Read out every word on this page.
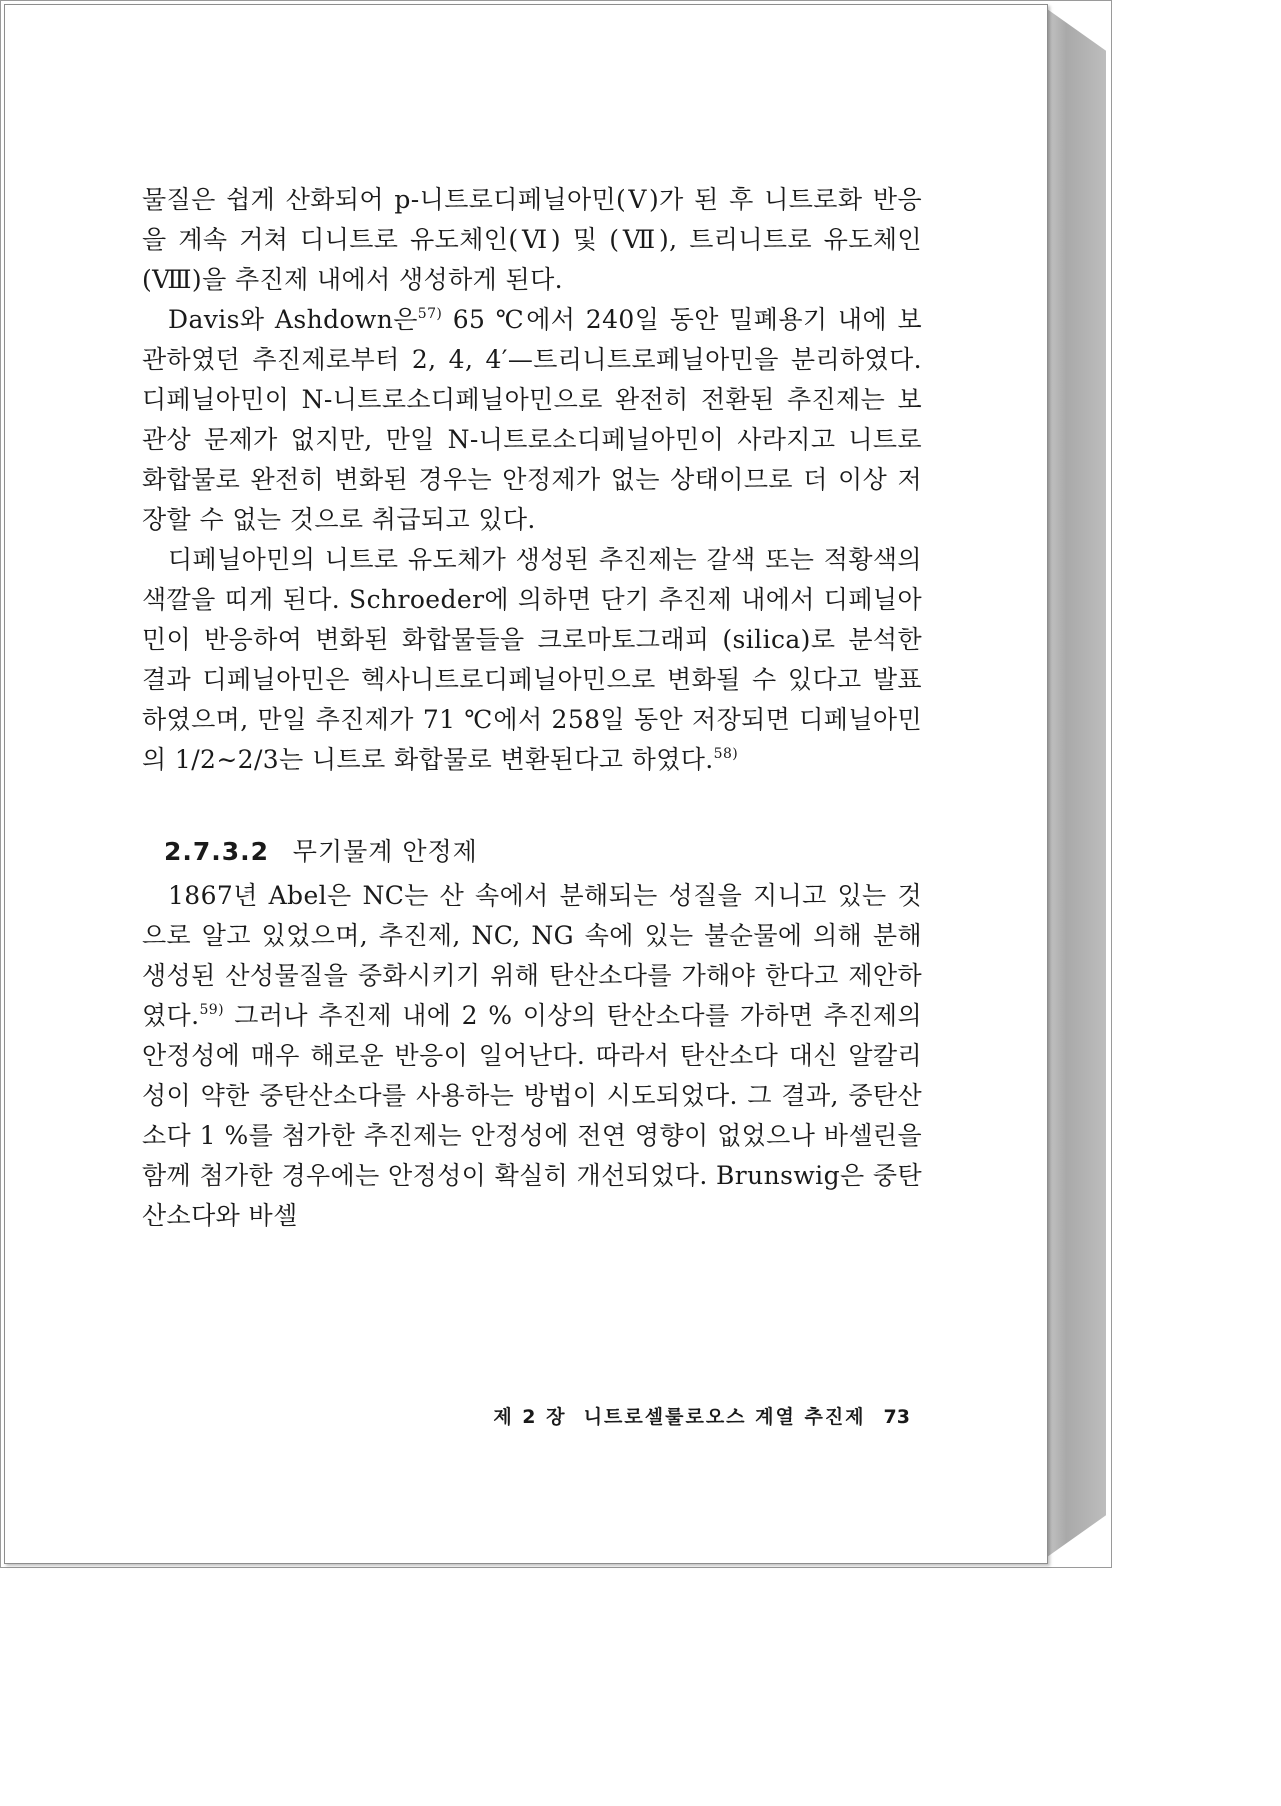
물질은 쉽게 산화되어 p-니트로디페닐아민(Ⅴ)가 된 후 니트로화 반응을 계속 거쳐 디니트로 유도체인(Ⅵ) 및 (Ⅶ), 트리니트로 유도체인 (Ⅷ)을 추진제 내에서 생성하게 된다.

Davis와 Ashdown은$^{57)}$ 65 ℃에서 240일 동안 밀폐용기 내에 보관하였던 추진제로부터 2, 4, 4′—트리니트로페닐아민을 분리하였다. 디페닐아민이 N-니트로소디페닐아민으로 완전히 전환된 추진제는 보관상 문제가 없지만, 만일 N-니트로소디페닐아민이 사라지고 니트로 화합물로 완전히 변화된 경우는 안정제가 없는 상태이므로 더 이상 저장할 수 없는 것으로 취급되고 있다.

디페닐아민의 니트로 유도체가 생성된 추진제는 갈색 또는 적황색의 색깔을 띠게 된다. Schroeder에 의하면 단기 추진제 내에서 디페닐아민이 반응하여 변화된 화합물들을 크로마토그래피 (silica)로 분석한 결과 디페닐아민은 헥사니트로디페닐아민으로 변화될 수 있다고 발표하였으며, 만일 추진제가 71 ℃에서 258일 동안 저장되면 디페닐아민의 1/2∼2/3는 니트로 화합물로 변환된다고 하였다.$^{58)}$

2.7.3.2 무기물계 안정제

1867년 Abel은 NC는 산 속에서 분해되는 성질을 지니고 있는 것으로 알고 있었으며, 추진제, NC, NG 속에 있는 불순물에 의해 분해 생성된 산성물질을 중화시키기 위해 탄산소다를 가해야 한다고 제안하였다.$^{59)}$ 그러나 추진제 내에 2 % 이상의 탄산소다를 가하면 추진제의 안정성에 매우 해로운 반응이 일어난다. 따라서 탄산소다 대신 알칼리성이 약한 중탄산소다를 사용하는 방법이 시도되었다. 그 결과, 중탄산소다 1 %를 첨가한 추진제는 안정성에 전연 영향이 없었으나 바셀린을 함께 첨가한 경우에는 안정성이 확실히 개선되었다. Brunswig은 중탄산소다와 바셀

제 2 장  니트로셀룰로오스 계열 추진제 73
